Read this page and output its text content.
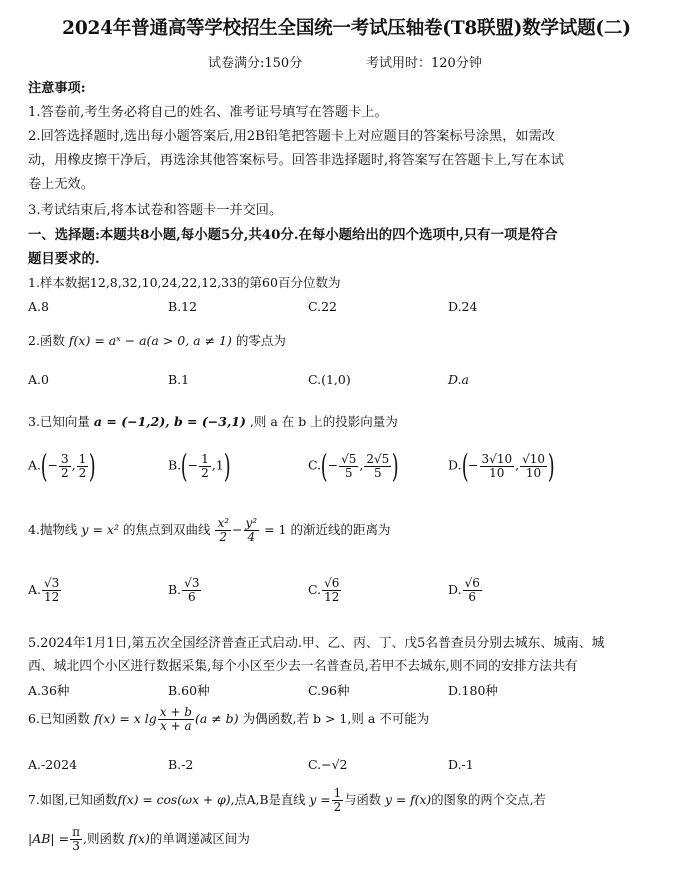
2024年普通高等学校招生全国统一考试压轴卷(T8联盟)数学试题(二)
试卷满分:150分	考试用时：120分钟
注意事项:
1.答卷前,考生务必将自己的姓名、准考证号填写在答题卡上。
2.回答选择题时,选出每小题答案后,用2B铅笔把答题卡上对应题目的答案标号涂黑，如需改
动，用橡皮擦干净后，再选涂其他答案标号。回答非选择题时,将答案写在答题卡上,写在本试
卷上无效。
3.考试结束后,将本试卷和答题卡一并交回。
一、选择题:本题共8小题,每小题5分,共40分.在每小题给出的四个选项中,只有一项是符合
题目要求的.
1.样本数据12,8,32,10,24,22,12,33的第60百分位数为
A.8	B.12	C.22	D.24
2.函数 f(x) = aˣ − a(a > 0, a ≠ 1) 的零点为
A.0	B.1	C.(1,0)	D.a
3.已知向量 a = (−1,2), b = (−3,1) ,则 a 在 b 上的投影向量为
$A.(- \frac{3}{2}$ , $\frac{1}{2}$ )	$B.(- \frac{1}{2} ,1)$	$C.(- \frac{√5}{5}$ , $\frac{2√5}{5}$ )	$D.(- \frac{3√10}{10}$ , $\frac{√10}{10}$ )
4.抛物线 y = x² 的焦点到双曲线 $\frac{\text{x²}}{2} - \frac{\text{y²}}{4} = 1$ 的渐近线的距离为
A. $\frac{√3}{12}$	B. $\frac{√3}{6}$	C. $\frac{√6}{12}$	D. $\frac{√6}{6}$
5.2024年1月1日,第五次全国经济普查正式启动.甲、乙、丙、丁、戊5名普查员分别去城东、城南、城
西、城北四个小区进行数据采集,每个小区至少去一名普查员,若甲不去城东,则不同的安排方法共有
A.36种	B.60种	C.96种	D.180种
6.已知函数 f(x) = x $\lg \frac{x + b}{x + a} (a \ne b)$ 为偶函数,若 b > 1,则 a 不可能为
A.-2024	B.-2	C.−√2	D.-1
7.如图,已知函数f(x) = cos(ωx + φ),点A,B是直线 $y = \frac{1}{2}$ 与函数 y = f(x)的图象的两个交点,若
$|AB| = \frac{\pi}{3}$ ,则函数 f(x)的单调递减区间为
